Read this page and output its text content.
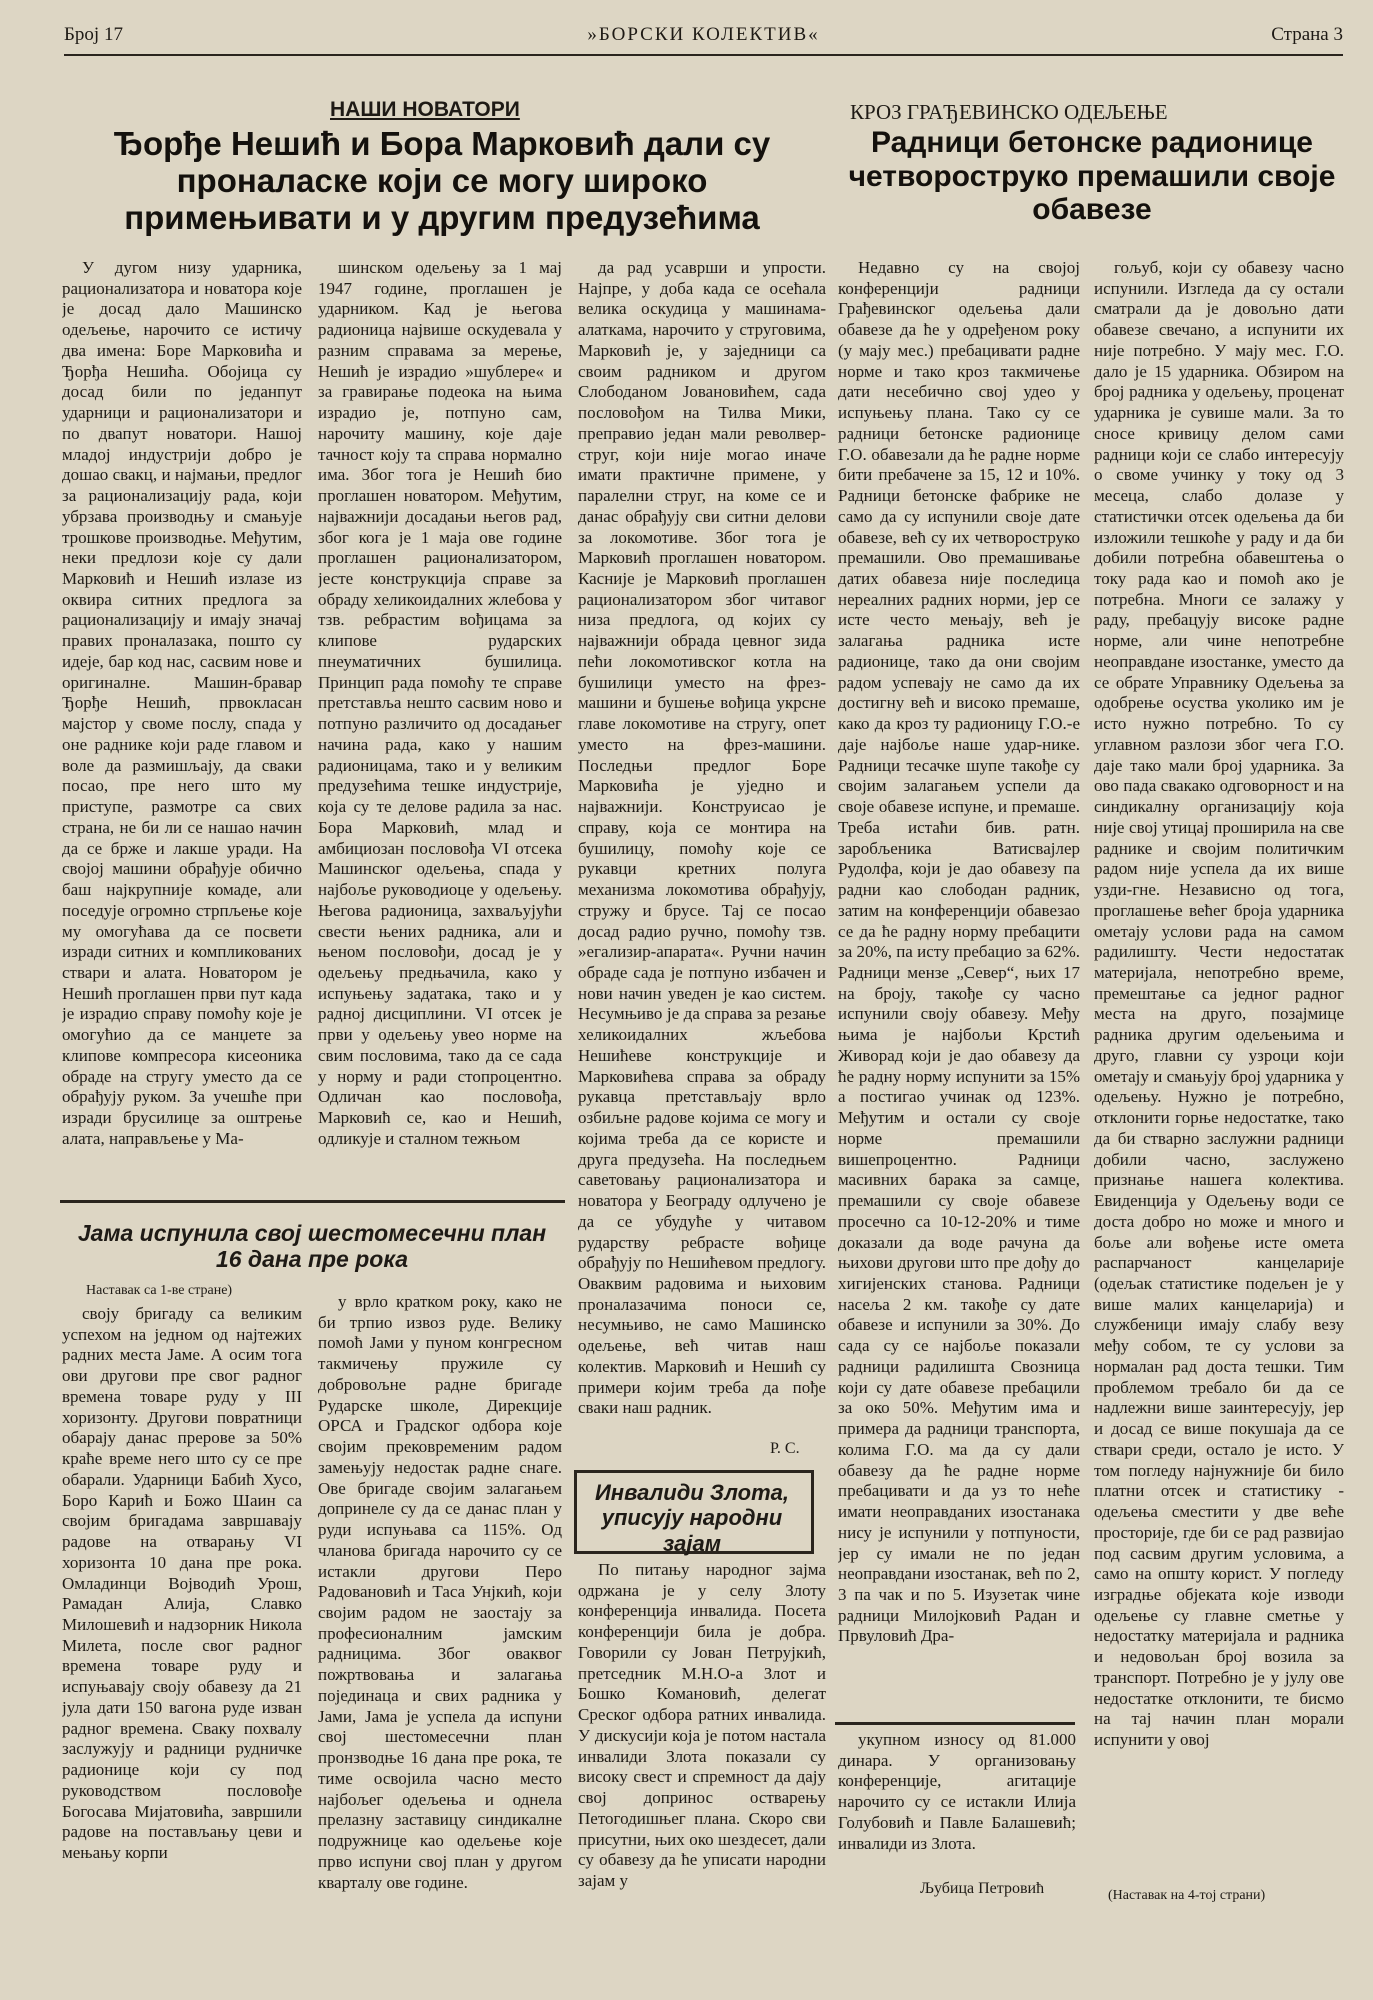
Број 17	»БОРСКИ КОЛЕКТИВ«	Страна 3
НАШИ НОВАТОРИ
Ђорђе Нешић и Бора Марковић дали су проналаске који се могу широко примењивати и у другим предузећима

У дугом низу ударника, рационализатора и новатора које је досад дало Машинско одељење, нарочито се истичу два имена: Боре Марковића и Ђорђа Нешића. Обојица су досад били по једанпут ударници и рационализатори и по двапут новатори. Нашој младој индустрији добро је дошао свакц, и најмањи, предлог за рационализацију рада, који убрзава производњу и смањује трошкове производње. Међутим, неки предлози које су дали Марковић и Нешић излазе из оквира ситних предлога за рационализацију и имају значај правих проналазака, пошто су идеје, бар код нас, сасвим нове и оригиналне. Машин-бравар Ђорђе Нешић, првокласан мајстор у своме послу, спада у оне раднике који раде главом и воле да размишљају, да сваки посао, пре него што му приступе, размотре са свих страна, не би ли се нашао начин да се брже и лакше уради. На својој машини обрађује обично баш најкрупније комаде, али поседује огромно стрпљење које му омогућава да се посвети изради ситних и компликованих ствари и алата. Новатором је Нешић проглашен први пут када је израдио справу помоћу које је омогућио да се манџете за клипове компресора кисеоника обраде на стругу уместо да се обрађују руком. За учешће при изради брусилице за оштрење алата, направљење у Ма-

шинском одељењу за 1 мај 1947 године, проглашен је ударником. Кад је његова радионица највише оскудевала у разним справама за мерење, Нешић је израдио »шублере« и за гравирање подеока на њима израдио је, потпуно сам, нарочиту машину, које даје тачност коју та справа нормално има. Због тога је Нешић био проглашен новатором. Међутим, најважнији досадањи његов рад, због кога је 1 маја ове године проглашен рационализатором, јесте конструкција справе за обраду хеликоидалних жлебова у тзв. ребрастим вођицама за клипове рударских пнеуматичних бушилица. Принцип рада помоћу те справе претставља нешто сасвим ново и потпуно различито од досадањег начина рада, како у нашим радионицама, тако и у великим предузећима тешке индустрије, која су те делове радила за нас. Бора Марковић, млад и амбициозан пословођа VI отсека Машинског одељења, спада у најбоље руководиоце у одељењу. Његова радионица, захваљујући свести њених радника, али и њеном пословођи, досад је у одељењу предњачила, како у испуњењу задатака, тако и у радној дисциплини. VI отсек је први у одељењу увео норме на свим пословима, тако да се сада у норму и ради стопроцентно. Одличан као пословођа, Марковић се, као и Нешић, одликује и сталном тежњом

да рад усаврши и упрости. Најпре, у доба када се осећала велика оскудица у машинама-алаткама, нарочито у струговима, Марковић је, у заједници са своим радником и другом Слободаном Јовановићем, сада пословођом на Тилва Мики, преправио један мали револвер-струг, који није могао иначе имати практичне примене, у паралелни струг, на коме се и данас обрађују сви ситни делови за локомотиве. Због тога је Марковић проглашен новатором. Касније је Марковић проглашен рационализатором због читавог низа предлога, од којих су најважнији обрада цевног зида пећи локомотивског котла на бушилици уместо на фрез-машини и бушење вођица укрсне главе локомотиве на стругу, опет уместо на фрез-машини. Последњи предлог Боре Марковића је уједно и најважнији. Конструисао је справу, која се монтира на бушилицу, помоћу које се рукавци кретних полуга механизма локомотива обрађују, стружу и брусе. Тај се посао досад радио ручно, помоћу тзв. »егализир-апарата«. Ручни начин обраде сада је потпуно избачен и нови начин уведен је као систем. Несумњиво је да справа за резање хеликоидалних жљебова Нешићеве конструкције и Марковићева справа за обраду рукавца претстављају врло озбиљне радове којима се могу и којима треба да се користе и друга предузећа. На последњем саветовању рационализатора и новатора у Београду одлучено је да се убудуће у читавом рударству ребрасте вођице обрађују по Нешићевом предлогу. Оваквим радовима и њиховим проналазачима поноси се, несумњиво, не само Машинско одељење, већ читав наш колектив. Марковић и Нешић су примери којим треба да пође сваки наш радник.

Р. С.
Јама испунила свој шестомесечни план 16 дана пре рока
Наставак са 1-ве стране)

своју бригаду са великим успехом на једном од најтежих радних места Јаме. А осим тога ови другови пре свог радног времена товаре руду у III хоризонту. Другови повратници обарају данас прерове за 50% краће време него што су се пре обарали. Ударници Бабић Хусо, Боро Карић и Божо Шаин са својим бригадама завршавају радове на отварању VI хоризонта 10 дана пре рока. Омладинци Војводић Урош, Рамадан Алија, Славко Милошевић и надзорник Никола Милета, после свог радног времена товаре руду и испуњавају своју обавезу да 21 јула дати 150 вагона руде изван радног времена. Сваку похвалу заслужују и радници рудничке радионице који су под руководством пословође Богосава Мијатовића, завршили радове на постављању цеви и мењању корпи

у врло кратком року, како не би трпио извоз руде. Велику помоћ Јами у пуном конгресном такмичењу пружиле су добровољне радне бригаде Рударске школе, Дирекције ОРСА и Градског одбора које својим прековременим радом замењују недостак радне снаге. Ове бригаде својим залагањем допринеле су да се данас план у руди испуњава са 115%. Од чланова бригада нарочито су се истакли другови Перо Радовановић и Таса Унјкић, који својим радом не заостају за професионалним јамским радницима. Због оваквог пожртвовања и залагања појединаца и свих радника у Јами, Јама је успела да испуни свој шестомесечни план пронзводње 16 дана пре рока, те тиме освојила часно место најбољег одељења и однела прелазну заставицу синдикалне подружнице као одељење које прво испуни свој план у другом кварталу ове године.

Инвалиди Злота, уписују народни зајам

По питању народног зајма одржана је у селу Злоту конференција инвалида. Посета конференцији била је добра. Говорили су Јован Петрујкић, претседник М.Н.О-а Злот и Бошко Комановић, делегат Среског одбора ратних инвалида. У дискусији која је потом настала инвалиди Злота показали су високу свест и спремност да дају свој допринос остварењу Петогодишњег плана. Скоро сви присутни, њих око шездесет, дали су обавезу да ће уписати народни зајам у

укупном износу од 81.000 динара. У организовању конференције, агитације нарочито су се истакли Илија Голубовић и Павле Балашевић; инвалиди из Злота.

Љубица Петровић
КРОЗ ГРАЂЕВИНСКО ОДЕЉЕЊЕ
Радници бетонске радионице четвороструко премашили своје обавезе

Недавно су на својој конференцији радници Грађевинског одељења дали обавезе да ће у одређеном року (у мају мес.) пребацивати радне норме и тако кроз такмичење дати несебично свој удео у испуњењу плана. Тако су се радници бетонске радионице Г.О. обавезали да ће радне норме бити пребачене за 15, 12 и 10%. Радници бетонске фабрике не само да су испунили своје дате обавезе, већ су их четвороструко премашили. Ово премашивање датих обавеза није последица нереалних радних норми, јер се исте често мењају, већ је залагања радника исте радионице, тако да они својим радом успевају не само да их достигну већ и високо премаше, како да кроз ту радионицу Г.О.-е даје најбоље наше удар-нике. Радници тесачке шупе такође су својим залагањем успели да своје обавезе испуне, и премаше. Треба истаћи бив. ратн. заробљеника Ватисвајлер Рудолфа, који је дао обавезу па радни као слободан радник, затим на конференцији обавезао се да ће радну норму пребацити за 20%, па исту пребацио за 62%. Радници мензе „Север“, њих 17 на броју, такође су часно испунили своју обавезу. Међу њима је најбољи Крстић Живорад који је дао обавезу да ће радну норму испунити за 15% а постигао учинак од 123%. Међутим и остали су своје норме премашили вишепроцентно. Радници масивних барака за самце, премашили су своје обавезе просечно са 10-12-20% и тиме доказали да воде рачуна да њихови другови што пре дођу до хигијенских станова. Радници насеља 2 км. такође су дате обавезе и испунили за 30%. До сада су се најбоље показали радници радилишта Свозница који су дате обавезе пребацили за око 50%. Међутим има и примера да радници транспорта, колима Г.О. ма да су дали обавезу да ће радне норме пребацивати и да уз то неће имати неоправданих изостанака нису је испунили у потпуности, јер су имали не по један неоправдани изостанак, већ по 2, 3 па чак и по 5. Изузетак чине радници Милојковић Радан и Првуловић Дра-

гољуб, који су обавезу часно испунили. Изгледа да су остали сматрали да је довољно дати обавезе свечано, а испунити их није потребно. У мају мес. Г.О. дало је 15 ударника. Обзиром на број радника у одељењу, проценат ударника је сувише мали. За то сносе кривицу делом сами радници који се слабо интересују о своме учинку у току од 3 месеца, слабо долазе у статистички отсек одељења да би изложили тешкоће у раду и да би добили потребна обавештења о току рада као и помоћ ако је потребна. Многи се залажу у раду, пребацују високе радне норме, али чине непотребне неоправдане изостанке, уместо да се обрате Управнику Одељења за одобрење осуства уколико им је исто нужно потребно. То су углавном разлози због чега Г.О. даје тако мали број ударника. За ово пада свакако одговорност и на синдикалну организацију која није свој утицај проширила на све раднике и својим политичким радом није успела да их више узди-гне. Независно од тога, проглашење већег броја ударника ометају услови рада на самом радилишту. Чести недостатак материјала, непотребно време, премештање са једног радног места на друго, позајмице радника другим одељењима и друго, главни су узроци који ометају и смањују број ударника у одељењу. Нужно је потребно, отклонити горње недостатке, тако да би стварно заслужни радници добили часно, заслужено признање нашега колектива. Евиденција у Одељењу води се доста добро но може и много и боље али вођење исте омета распарчаност канцеларије (одељак статистике подељен је у више малих канцеларија) и службеници имају слабу везу међу собом, те су услови за нормалан рад доста тешки. Тим проблемом требало би да се надлежни више заинтересују, јер и досад се више покушаја да се ствари среди, остало је исто. У том погледу најнужније би било платни отсек и статистику - одељења сместити у две веће просторије, где би се рад развијао под сасвим другим условима, а само на општу корист. У погледу изградње објеката које изводи одељење су главне сметње у недостатку материјала и радника и недовољан број возила за транспорт. Потребно је у јулу ове недостатке отклонити, те бисмо на тај начин план морали испунити у овој

(Наставак на 4-тој страни)
